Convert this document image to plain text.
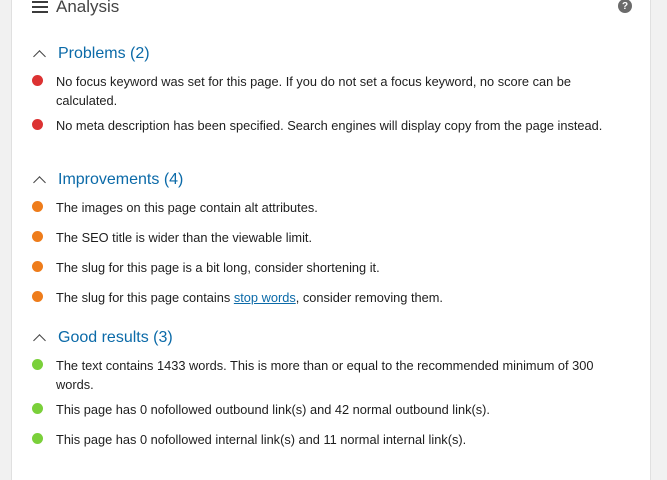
Analysis	?
Problems (2)
No focus keyword was set for this page. If you do not set a focus keyword, no score can be calculated.
No meta description has been specified. Search engines will display copy from the page instead.
Improvements (4)
The images on this page contain alt attributes.
The SEO title is wider than the viewable limit.
The slug for this page is a bit long, consider shortening it.
The slug for this page contains stop words, consider removing them.
Good results (3)
The text contains 1433 words. This is more than or equal to the recommended minimum of 300 words.
This page has 0 nofollowed outbound link(s) and 42 normal outbound link(s).
This page has 0 nofollowed internal link(s) and 11 normal internal link(s).
